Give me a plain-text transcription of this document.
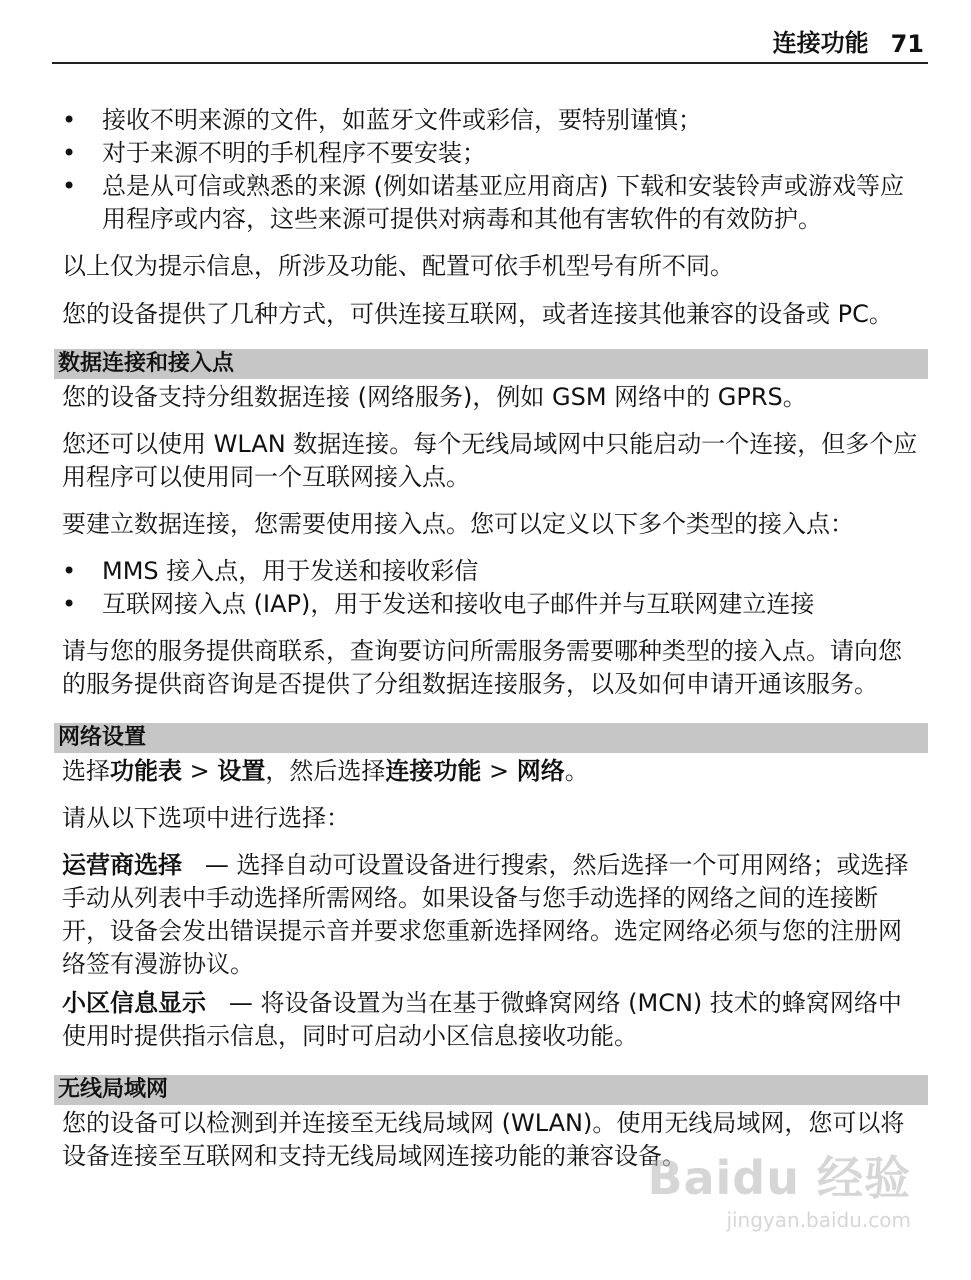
连接功能 71
• 接收不明来源的文件，如蓝牙文件或彩信，要特别谨慎；
• 对于来源不明的手机程序不要安装；
• 总是从可信或熟悉的来源 (例如诺基亚应用商店) 下载和安装铃声或游戏等应用程序或内容，这些来源可提供对病毒和其他有害软件的有效防护。

以上仅为提示信息，所涉及功能、配置可依手机型号有所不同。

您的设备提供了几种方式，可供连接互联网，或者连接其他兼容的设备或 PC。

数据连接和接入点

您的设备支持分组数据连接 (网络服务)，例如 GSM 网络中的 GPRS。

您还可以使用 WLAN 数据连接。每个无线局域网中只能启动一个连接，但多个应用程序可以使用同一个互联网接入点。

要建立数据连接，您需要使用接入点。您可以定义以下多个类型的接入点：

• MMS 接入点，用于发送和接收彩信
• 互联网接入点 (IAP)，用于发送和接收电子邮件并与互联网建立连接

请与您的服务提供商联系，查询要访问所需服务需要哪种类型的接入点。请向您的服务提供商咨询是否提供了分组数据连接服务，以及如何申请开通该服务。

网络设置

选择功能表 > 设置，然后选择连接功能 > 网络。

请从以下选项中进行选择：

运营商选择 — 选择自动可设置设备进行搜索，然后选择一个可用网络；或选择手动从列表中手动选择所需网络。如果设备与您手动选择的网络之间的连接断开，设备会发出错误提示音并要求您重新选择网络。选定网络必须与您的注册网络签有漫游协议。

小区信息显示 — 将设备设置为当在基于微蜂窝网络 (MCN) 技术的蜂窝网络中使用时提供指示信息，同时可启动小区信息接收功能。

无线局域网

您的设备可以检测到并连接至无线局域网 (WLAN)。使用无线局域网，您可以将设备连接至互联网和支持无线局域网连接功能的兼容设备。

Baidu 经验
jingyan.baidu.com
